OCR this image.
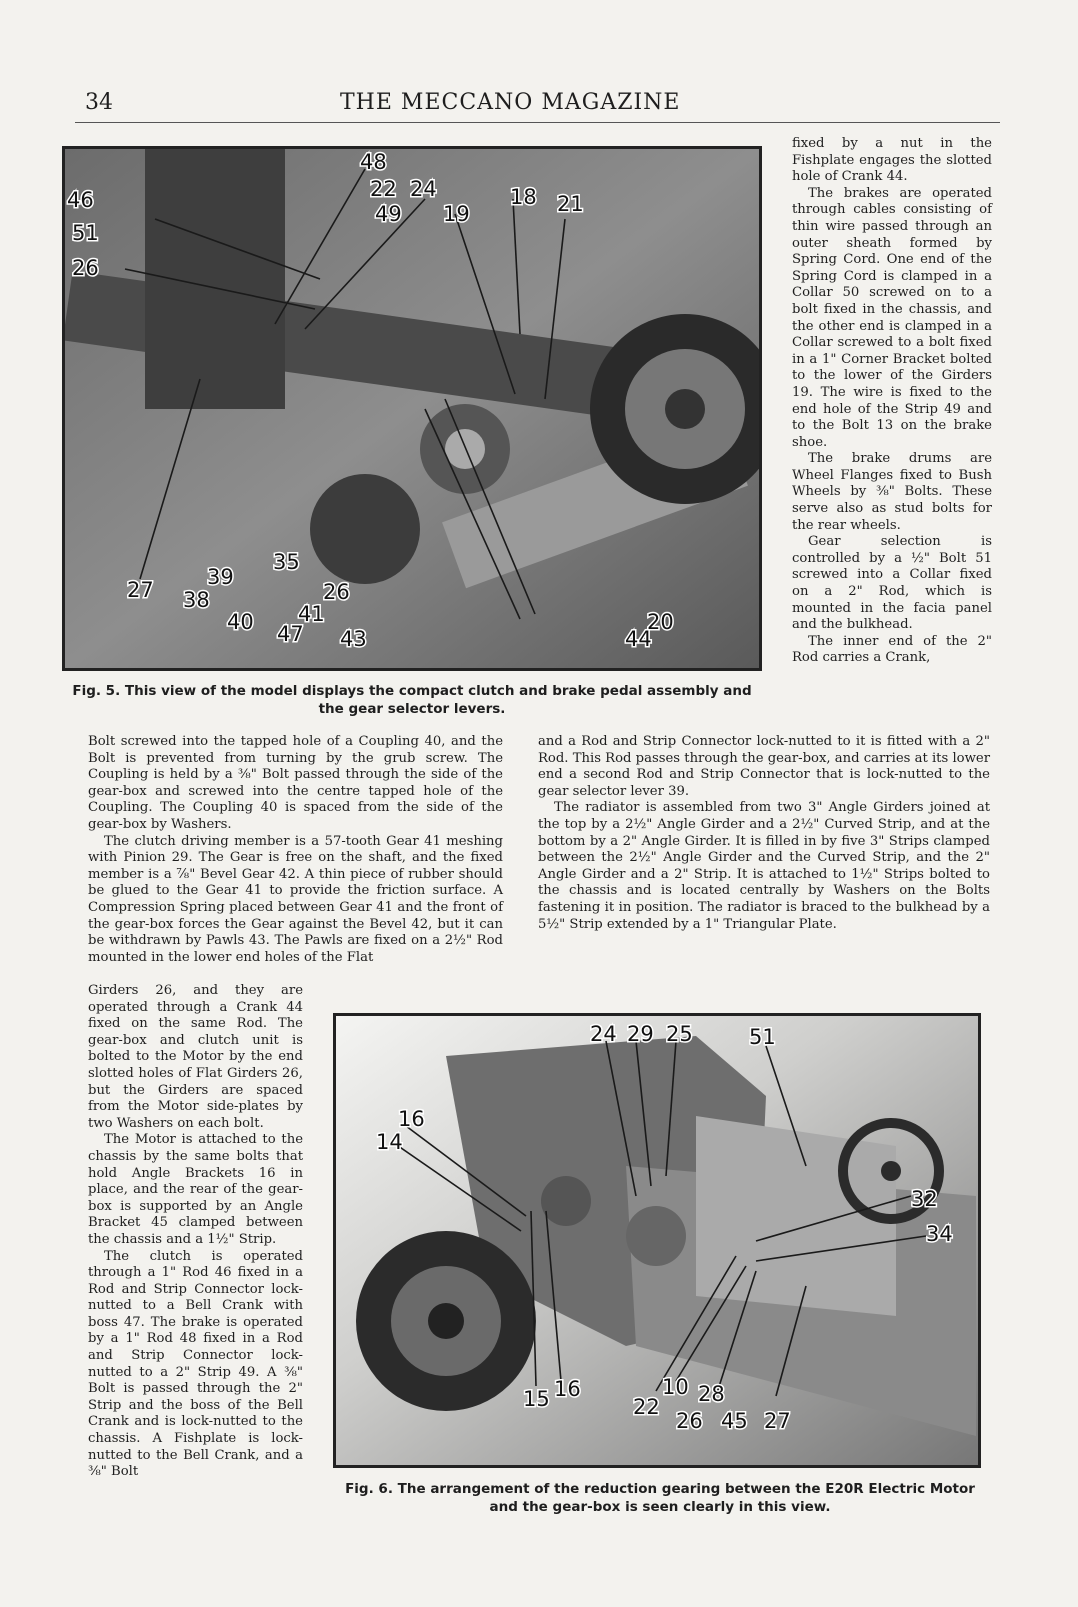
34	THE MECCANO MAGAZINE
48
22 24	18 21
46
49 19
51
26
27
39
35
38
40 41
26
47 43	44
20
Fig. 5. This view of the model displays the compact clutch and brake pedal assembly and the gear selector levers.

fixed by a nut in the Fishplate engages the slotted hole of Crank 44.

The brakes are operated through cables consisting of thin wire passed through an outer sheath formed by Spring Cord. One end of the Spring Cord is clamped in a Collar 50 screwed on to a bolt fixed in the chassis, and the other end is clamped in a Collar screwed to a bolt fixed in a 1" Corner Bracket bolted to the lower of the Girders 19. The wire is fixed to the end hole of the Strip 49 and to the Bolt 13 on the brake shoe.

The brake drums are Wheel Flanges fixed to Bush Wheels by ⅜" Bolts. These serve also as stud bolts for the rear wheels.

Gear selection is controlled by a ½" Bolt 51 screwed into a Collar fixed on a 2" Rod, which is mounted in the facia panel and the bulkhead.

The inner end of the 2" Rod carries a Crank,

Bolt screwed into the tapped hole of a Coupling 40, and the Bolt is prevented from turning by the grub screw. The Coupling is held by a ⅜" Bolt passed through the side of the gear-box and screwed into the centre tapped hole of the Coupling. The Coupling 40 is spaced from the side of the gear-box by Washers.

The clutch driving member is a 57-tooth Gear 41 meshing with Pinion 29. The Gear is free on the shaft, and the fixed member is a ⅞" Bevel Gear 42. A thin piece of rubber should be glued to the Gear 41 to provide the friction surface. A Compression Spring placed between Gear 41 and the front of the gear-box forces the Gear against the Bevel 42, but it can be withdrawn by Pawls 43. The Pawls are fixed on a 2½" Rod mounted in the lower end holes of the Flat

and a Rod and Strip Connector lock-nutted to it is fitted with a 2" Rod. This Rod passes through the gear-box, and carries at its lower end a second Rod and Strip Connector that is lock-nutted to the gear selector lever 39.

The radiator is assembled from two 3" Angle Girders joined at the top by a 2½" Angle Girder and a 2½" Curved Strip, and at the bottom by a 2" Angle Girder. It is filled in by five 3" Strips clamped between the 2½" Angle Girder and the Curved Strip, and the 2" Angle Girder and a 2" Strip. It is attached to 1½" Strips bolted to the chassis and is located centrally by Washers on the Bolts fastening it in position. The radiator is braced to the bulkhead by a 5½" Strip extended by a 1" Triangular Plate.

Girders 26, and they are operated through a Crank 44 fixed on the same Rod. The gear-box and clutch unit is bolted to the Motor by the end slotted holes of Flat Girders 26, but the Girders are spaced from the Motor side-plates by two Washers on each bolt.

The Motor is attached to the chassis by the same bolts that hold Angle Brackets 16 in place, and the rear of the gear-box is supported by an Angle Bracket 45 clamped between the chassis and a 1½" Strip.

The clutch is operated through a 1" Rod 46 fixed in a Rod and Strip Connector lock-nutted to a Bell Crank with boss 47. The brake is operated by a 1" Rod 48 fixed in a Rod and Strip Connector lock-nutted to a 2" Strip 49. A ⅜" Bolt is passed through the 2" Strip and the boss of the Bell Crank and is lock-nutted to the chassis. A Fishplate is lock-nutted to the Bell Crank, and a ⅜" Bolt

24 29 25	51
16
14
32
34
15 16
22
10 28
26 45 27
Fig. 6. The arrangement of the reduction gearing between the E20R Electric Motor and the gear-box is seen clearly in this view.
